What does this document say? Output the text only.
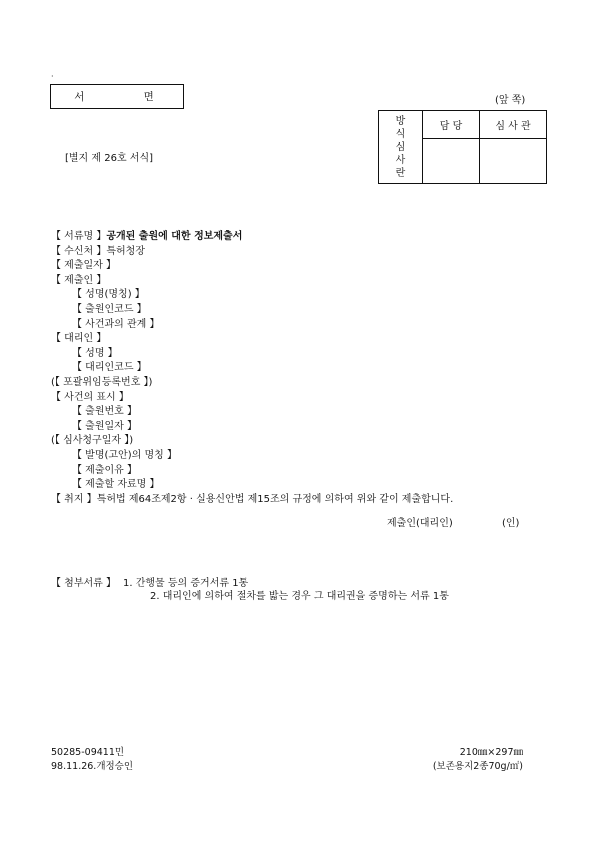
·
서 면	(앞 쪽)
[별지 제 26호 서식]
방
식
심
사
란	담 당	심 사 관

【 서류명 】공개된 출원에 대한 정보제출서
【 수신처 】특허청장
【 제출일자 】
【 제출인 】
【 성명(명칭) 】
【 출원인코드 】
【 사건과의 관계 】
【 대리인 】
【 성명 】
【 대리인코드 】
(【 포괄위임등록번호 】)
【 사건의 표시 】
【 출원번호 】
【 출원일자 】
(【 심사청구일자 】)
【 발명(고안)의 명칭 】
【 제출이유 】
【 제출할 자료명 】
【 취지 】특허법 제64조제2항 · 실용신안법 제15조의 규정에 의하여 위와 같이 제출합니다.
제출인(대리인)	(인)
【 첨부서류 】 1. 간행물 등의 증거서류 1통
2. 대리인에 의하여 절차를 밟는 경우 그 대리권을 증명하는 서류 1통
50285-09411민
98.11.26.개정승인
210㎜×297㎜
(보존용지2종70g/㎡)
